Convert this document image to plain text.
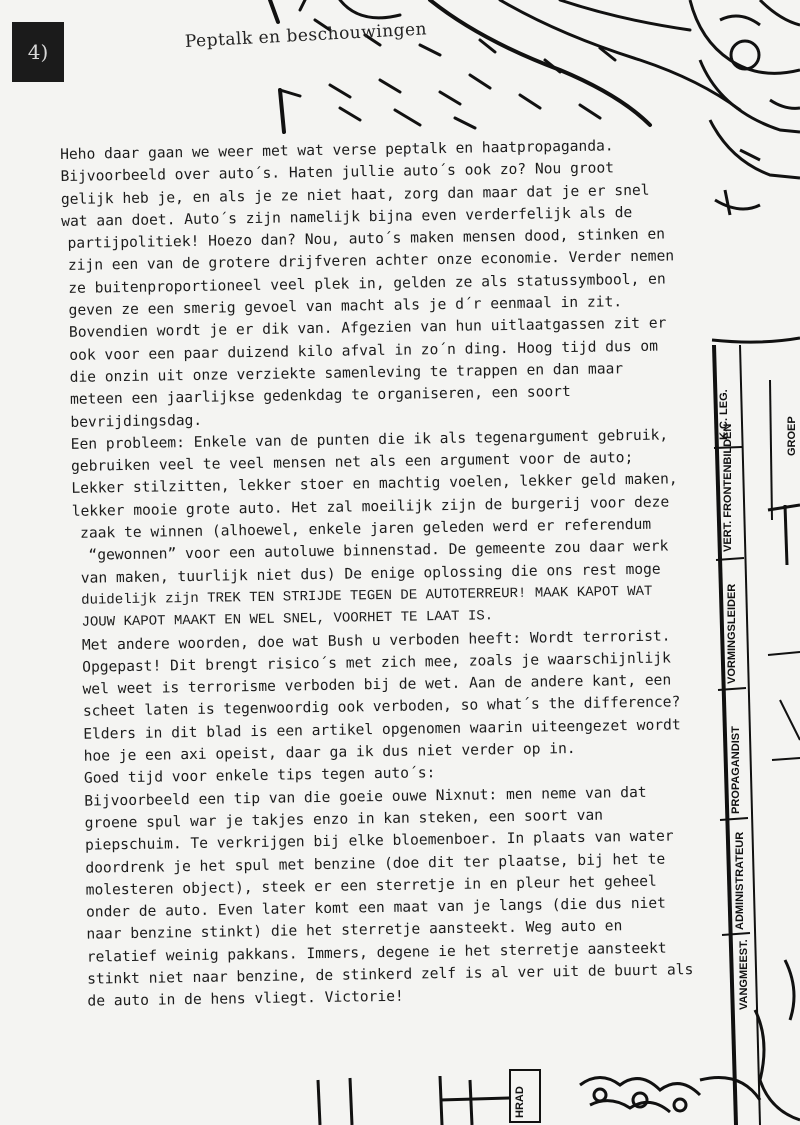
4)
Peptalk en beschouwingen
Heho daar gaan we weer met wat verse peptalk en haatpropaganda.
Bijvoorbeeld over auto´s. Haten jullie auto´s ook zo? Nou groot
gelijk heb je, en als je ze niet haat, zorg dan maar dat je er snel
wat aan doet. Auto´s zijn namelijk bijna even verderfelijk als de
partijpolitiek! Hoezo dan? Nou, auto´s maken mensen dood, stinken en
zijn een van de grotere drijfveren achter onze economie. Verder nemen
ze buitenproportioneel veel plek in, gelden ze als statussymbool, en
geven ze een smerig gevoel van macht als je d´r eenmaal in zit.
Bovendien wordt je er dik van. Afgezien van hun uitlaatgassen zit er
ook voor een paar duizend kilo afval in zo´n ding. Hoog tijd dus om
die onzin uit onze verziekte samenleving te trappen en dan maar
meteen een jaarlijkse gedenkdag te organiseren, een soort
bevrijdingsdag.
Een probleem: Enkele van de punten die ik als tegenargument gebruik,
gebruiken veel te veel mensen net als een argument voor de auto;
Lekker stilzitten, lekker stoer en machtig voelen, lekker geld maken,
lekker mooie grote auto. Het zal moeilijk zijn de burgerij voor deze
zaak te winnen (alhoewel, enkele jaren geleden werd er referendum
“gewonnen” voor een autoluwe binnenstad. De gemeente zou daar werk
van maken, tuurlijk niet dus) De enige oplossing die ons rest moge
duidelijk zijn TREK TEN STRIJDE TEGEN DE AUTOTERREUR! MAAK KAPOT WAT
JOUW KAPOT MAAKT EN WEL SNEL, VOORHET TE LAAT IS.
Met andere woorden, doe wat Bush u verboden heeft: Wordt terrorist.
Opgepast! Dit brengt risico´s met zich mee, zoals je waarschijnlijk
wel weet is terrorisme verboden bij de wet. Aan de andere kant, een
scheet laten is tegenwoordig ook verboden, so what´s the difference?
Elders in dit blad is een artikel opgenomen waarin uiteengezet wordt
hoe je een axi opeist, daar ga ik dus niet verder op in.
Goed tijd voor enkele tips tegen auto´s:
Bijvoorbeeld een tip van die goeie ouwe Nixnut: men neme van dat
groene spul war je takjes enzo in kan steken, een soort van
piepschuim. Te verkrijgen bij elke bloemenboer. In plaats van water
doordrenk je het spul met benzine (doe dit ter plaatse, bij het te
molesteren object), steek er een sterretje in en pleur het geheel
onder de auto. Even later komt een maat van je langs (die dus niet
naar benzine stinkt) die het sterretje aansteekt. Weg auto en
relatief weinig pakkans. Immers, degene ie het sterretje aansteekt
stinkt niet naar benzine, de stinkerd zelf is al ver uit de buurt als
de auto in de hens vliegt. Victorie!
K.C. LEG.	GROEP
VERT. FRONTENBILDEN
VORMINGSLEIDER
PROPAGANDIST
ADMINISTRATEUR
VANGMEEST.
HRAD
